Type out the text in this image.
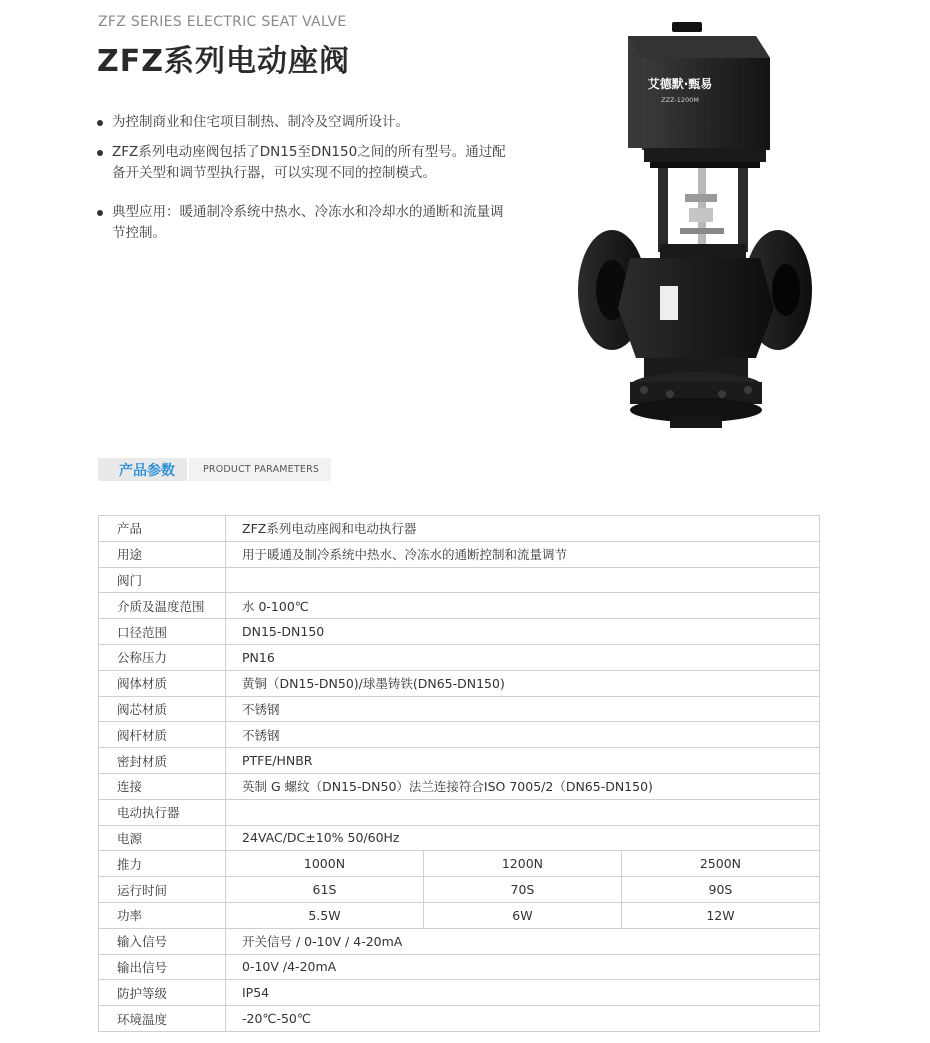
ZFZ SERIES ELECTRIC SEAT VALVE
ZFZ系列电动座阀
为控制商业和住宅项目制热、制冷及空调所设计。
ZFZ系列电动座阀包括了DN15至DN150之间的所有型号。通过配备开关型和调节型执行器，可以实现不同的控制模式。
典型应用：暖通制冷系统中热水、冷冻水和冷却水的通断和流量调节控制。
艾德默·甄易
ZZZ-1200M
产品参数	PRODUCT PARAMETERS
产品	ZFZ系列电动座阀和电动执行器		
用途	用于暖通及制冷系统中热水、冷冻水的通断控制和流量调节		
阀门			
介质及温度范围	水 0-100℃		
口径范围	DN15-DN150		
公称压力	PN16		
阀体材质	黄铜（DN15-DN50)/球墨铸铁(DN65-DN150)		
阀芯材质	不锈钢		
阀杆材质	不锈钢		
密封材质	PTFE/HNBR		
连接	英制 G 螺纹（DN15-DN50）法兰连接符合ISO 7005/2（DN65-DN150)		
电动执行器			
电源	24VAC/DC±10% 50/60Hz		
推力	1000N	1200N	2500N
运行时间	61S	70S	90S
功率	5.5W	6W	12W
输入信号	开关信号 / 0-10V / 4-20mA		
输出信号	0-10V /4-20mA		
防护等级	IP54		
环境温度	-20℃-50℃		
